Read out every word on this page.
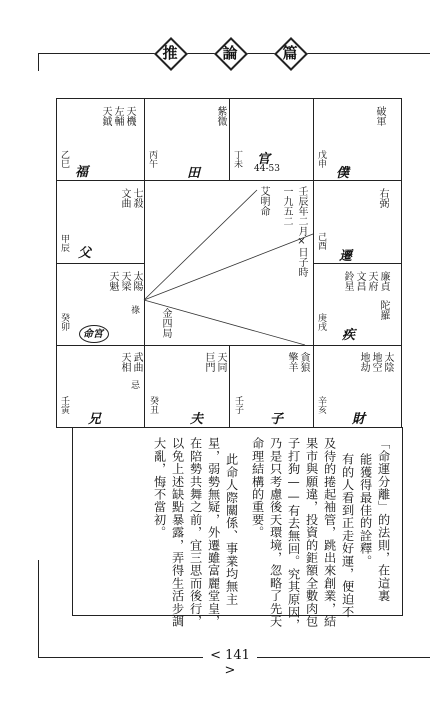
推	論	篇
天機
左輔
天鉞
乙巳
福
紫微
丙午
田
丁未 官
44-53
破軍
戊申
僕
七殺
文曲
甲辰
父
右弼
己酉
遷
太陽
天梁
天魁
祿
癸卯
命宮
廉貞
天府
文昌
鈴星
陀羅
庚戌
疾
武曲
天相
忌
壬寅
兄
天同
巨門
癸丑
夫
貪狼
擎羊
壬子
子
太陰
地空
地劫
辛亥
財
艾明命	壬辰年二月×日子時
一九五二
金四局
「命運分離」的法則，在這裏
能獲得最佳的詮釋。
有的人看到正走好運，便迫不
及待的捲起袖管，跳出來創業，結
果市與願違，投資的鉅額全數肉包
子打狗——有去無回。究其原因，
乃是只考慮後天環境，忽略了先天
命理結構的重要。
此命人際關係、事業均無主
星，弱勢無疑，外遷雖富麗堂皇，
在陪勢共舞之前，宜三思而後行，
以免上述缺點暴露，弄得生活步調
大亂，悔不當初。
< 141 >
